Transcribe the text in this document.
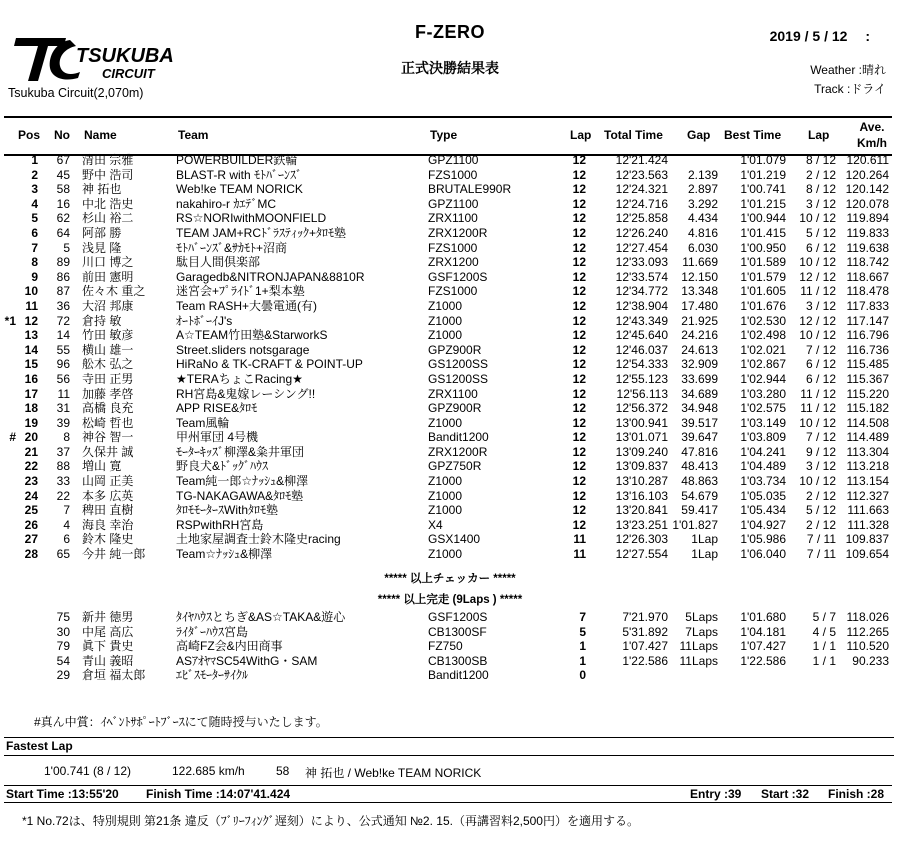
TSUKUBA
CIRCUIT
Tsukuba Circuit(2,070m)
F-ZERO
正式決勝結果表
2019 / 5 / 12　 :
Weather :晴れ
Track :ドライ
Pos No Name	Team	Type	Lap Total Time Gap Best Time Lap
Ave.
Km/h
1	67 清田 宗雅	POWERBUILDER鉄輪	GPZ1100	12	12'21.424	1'01.079	8 / 12 120.611
2	45 野中 浩司	BLAST-R with ﾓﾄﾊﾞｰﾝｽﾞ	FZS1000	12	12'23.563	2.139	1'01.219	2 / 12 120.264
3	58 神 拓也	Web!ke TEAM NORICK	BRUTALE990R	12	12'24.321	2.897	1'00.741	8 / 12 120.142
4	16 中北 浩史	nakahiro-r ｶｴﾃﾞMC	GPZ1100	12	12'24.716	3.292	1'01.215	3 / 12 120.078
5	62 杉山 裕二	RS☆NORIwithMOONFIELD	ZRX1100	12	12'25.858	4.434	1'00.944	10 / 12 119.894
6	64 阿部 勝	TEAM JAM+RCﾄﾞﾗｽﾃｨｯｸ+ﾀﾛﾓ塾	ZRX1200R	12	12'26.240	4.816	1'01.415	5 / 12 119.833
7	5 浅見 隆	ﾓﾄﾊﾞｰﾝｽﾞ&ｻｶﾓﾄ+沼商	FZS1000	12	12'27.454	6.030	1'00.950	6 / 12 119.638
8	89 川口 博之	駄目人間倶楽部	ZRX1200	12	12'33.093	11.669	1'01.589	10 / 12 118.742
9	86 前田 憲明	Garagedb&NITRONJAPAN&8810R	GSF1200S	12	12'33.574	12.150	1'01.579	12 / 12 118.667
10	87 佐々木 重之	迷宮会+ﾌﾟﾗｲﾄﾞ1+梨本塾	FZS1000	12	12'34.772	13.348	1'01.605	11 / 12 118.478
11	36 大沼 邦康	Team RASH+大曇電通(有)	Z1000	12	12'38.904	17.480	1'01.676	3 / 12 117.833
*1 12	72 倉持 敏	ｵｰﾄﾎﾞｰｲJ's	Z1000	12	12'43.349	21.925	1'02.530	12 / 12 117.147
13	14 竹田 敏彦	A☆TEAM竹田塾&StarworkS	Z1000	12	12'45.640	24.216	1'02.498	10 / 12 116.796
14	55 横山 雄一	Street.sliders notsgarage	GPZ900R	12	12'46.037	24.613	1'02.021	7 / 12 116.736
15	96 舩木 弘之	HiRaNo & TK-CRAFT & POINT-UP	GS1200SS	12	12'54.333	32.909	1'02.867	6 / 12 115.485
16	56 寺田 正男	★TERAちょこRacing★	GS1200SS	12	12'55.123	33.699	1'02.944	6 / 12 115.367
17	11 加藤 孝啓	RH宮島&鬼嫁レーシング!!	ZRX1100	12	12'56.113	34.689	1'03.280	11 / 12 115.220
18	31 高橋 良充	APP RISE&ﾀﾛﾓ	GPZ900R	12	12'56.372	34.948	1'02.575	11 / 12 115.182
19	39 松崎 哲也	Team風輪	Z1000	12	13'00.941	39.517	1'03.149	10 / 12 114.508
# 20	8 神谷 智一	甲州軍団 4号機	Bandit1200	12	13'01.071	39.647	1'03.809	7 / 12 114.489
21	37 久保井 誠	ﾓｰﾀｰｷｯｽﾞ柳澤&粂井軍団	ZRX1200R	12	13'09.240	47.816	1'04.241	9 / 12 113.304
22	88 増山 寛	野良犬&ﾄﾞｯｸﾞﾊｳｽ	GPZ750R	12	13'09.837	48.413	1'04.489	3 / 12 113.218
23	33 山岡 正美	Team純一郎☆ﾅｯｼｭ&柳澤	Z1000	12	13'10.287	48.863	1'03.734	10 / 12 113.154
24	22 本多 広英	TG-NAKAGAWA&ﾀﾛﾓ塾	Z1000	12	13'16.103	54.679	1'05.035	2 / 12 112.327
25	7 稗田 直樹	ﾀﾛﾓﾓｰﾀｰｽWithﾀﾛﾓ塾	Z1000	12	13'20.841	59.417	1'05.434	5 / 12 111.663
26	4 海良 幸治	RSPwithRH宮島	X4	12	13'23.251 1'01.827	1'04.927	2 / 12 111.328
27	6 鈴木 隆史	土地家屋調査士鈴木隆史racing	GSX1400	11	12'26.303	1Lap	1'05.986	7 / 11 109.837
28	65 今井 純一郎	Team☆ﾅｯｼｭ&柳澤	Z1000	11	12'27.554	1Lap	1'06.040	7 / 11 109.654
***** 以上チェッカー *****
***** 以上完走 (9Laps ) *****
75 新井 徳男	ﾀｲﾔﾊｳｽとちぎ&AS☆TAKA&遊心	GSF1200S	7	7'21.970	5Laps	1'01.680	5 / 7 118.026
30 中尾 高広	ﾗｲﾀﾞｰﾊｳｽ宮島	CB1300SF	5	5'31.892	7Laps	1'04.181	4 / 5 112.265
79 眞下 貴史	高崎FZ会&内田商事	FZ750	1	1'07.427 11Laps	1'07.427	1 / 1 110.520
54 青山 義昭	ASｱｵﾔﾏSC54WithG・SAM	CB1300SB	1	1'22.586 11Laps	1'22.586	1 / 1	90.233
29 倉垣 福太郎	ｴﾋﾞｽﾓｰﾀｰｻｲｸﾙ	Bandit1200	0
#真ん中賞：ｲﾍﾞﾝﾄｻﾎﾟｰﾄﾌﾞｰｽにて随時授与いたします。
Fastest Lap
1'00.741 (8 / 12)	122.685 km/h	58 神 拓也 / Web!ke TEAM NORICK
Start Time :13:55'20 Finish Time :14:07'41.424	Entry :39 Start :32 Finish :28
*1 No.72は、特別規則 第21条 違反（ﾌﾞﾘｰﾌｨﾝｸﾞ遅刻）により、公式通知 №2. 15.（再講習料2,500円）を適用する。
